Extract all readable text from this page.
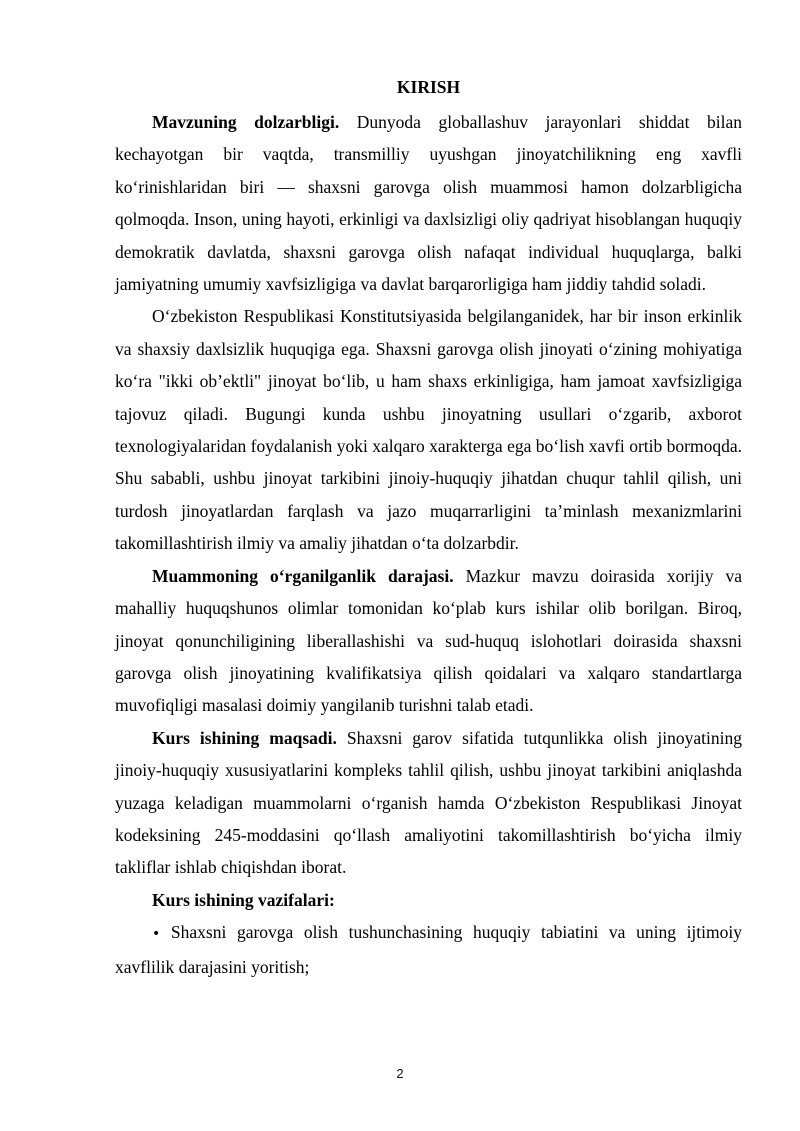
KIRISH

Mavzuning dolzarbligi. Dunyoda globallashuv jarayonlari shiddat bilan kechayotgan bir vaqtda, transmilliy uyushgan jinoyatchilikning eng xavfli ko‘rinishlaridan biri — shaxsni garovga olish muammosi hamon dolzarbligicha qolmoqda. Inson, uning hayoti, erkinligi va daxlsizligi oliy qadriyat hisoblangan huquqiy demokratik davlatda, shaxsni garovga olish nafaqat individual huquqlarga, balki jamiyatning umumiy xavfsizligiga va davlat barqarorligiga ham jiddiy tahdid soladi.

O‘zbekiston Respublikasi Konstitutsiyasida belgilanganidek, har bir inson erkinlik va shaxsiy daxlsizlik huquqiga ega. Shaxsni garovga olish jinoyati o‘zining mohiyatiga ko‘ra "ikki ob’ektli" jinoyat bo‘lib, u ham shaxs erkinligiga, ham jamoat xavfsizligiga tajovuz qiladi. Bugungi kunda ushbu jinoyatning usullari o‘zgarib, axborot texnologiyalaridan foydalanish yoki xalqaro xarakterga ega bo‘lish xavfi ortib bormoqda. Shu sababli, ushbu jinoyat tarkibini jinoiy-huquqiy jihatdan chuqur tahlil qilish, uni turdosh jinoyatlardan farqlash va jazo muqarrarligini ta’minlash mexanizmlarini takomillashtirish ilmiy va amaliy jihatdan o‘ta dolzarbdir.

Muammoning o‘rganilganlik darajasi. Mazkur mavzu doirasida xorijiy va mahalliy huquqshunos olimlar tomonidan ko‘plab kurs ishilar olib borilgan. Biroq, jinoyat qonunchiligining liberallashishi va sud-huquq islohotlari doirasida shaxsni garovga olish jinoyatining kvalifikatsiya qilish qoidalari va xalqaro standartlarga muvofiqligi masalasi doimiy yangilanib turishni talab etadi.

Kurs ishining maqsadi. Shaxsni garov sifatida tutqunlikka olish jinoyatining jinoiy-huquqiy xususiyatlarini kompleks tahlil qilish, ushbu jinoyat tarkibini aniqlashda yuzaga keladigan muammolarni o‘rganish hamda O‘zbekiston Respublikasi Jinoyat kodeksining 245-moddasini qo‘llash amaliyotini takomillashtirish bo‘yicha ilmiy takliflar ishlab chiqishdan iborat.

Kurs ishining vazifalari:

• Shaxsni garovga olish tushunchasining huquqiy tabiatini va uning ijtimoiy xavflilik darajasini yoritish;

2
